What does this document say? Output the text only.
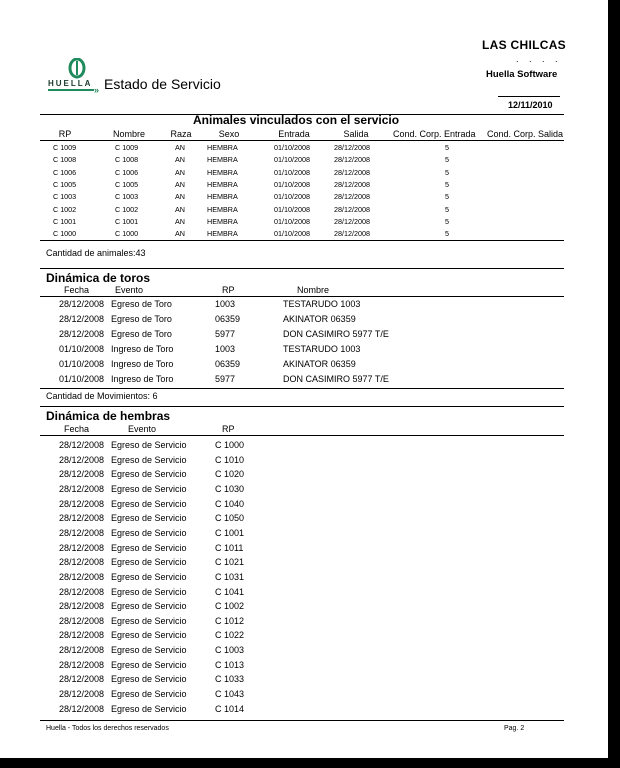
LAS CHILCAS
. . . .
Huella Software
12/11/2010
HUELLA
» Estado de Servicio
Animales vinculados con el servicio
RP	Nombre	Raza	Sexo	Entrada	Salida	Cond. Corp. Entrada Cond. Corp. Salida
C 1009	C 1009	AN	HEMBRA	01/10/2008	28/12/2008	5
C 1008	C 1008	AN	HEMBRA	01/10/2008	28/12/2008	5
C 1006	C 1006	AN	HEMBRA	01/10/2008	28/12/2008	5
C 1005	C 1005	AN	HEMBRA	01/10/2008	28/12/2008	5
C 1003	C 1003	AN	HEMBRA	01/10/2008	28/12/2008	5
C 1002	C 1002	AN	HEMBRA	01/10/2008	28/12/2008	5
C 1001	C 1001	AN	HEMBRA	01/10/2008	28/12/2008	5
C 1000	C 1000	AN	HEMBRA	01/10/2008	28/12/2008	5
Cantidad de animales:43
Dinámica de toros
Fecha	Evento	RP	Nombre
28/12/2008 Egreso de Toro	1003	TESTARUDO 1003
28/12/2008 Egreso de Toro	06359	AKINATOR 06359
28/12/2008 Egreso de Toro	5977	DON CASIMIRO 5977 T/E
01/10/2008 Ingreso de Toro	1003	TESTARUDO 1003
01/10/2008 Ingreso de Toro	06359	AKINATOR 06359
01/10/2008 Ingreso de Toro	5977	DON CASIMIRO 5977 T/E
Cantidad de Movimientos: 6
Dinámica de hembras
Fecha	Evento	RP
28/12/2008 Egreso de Servicio	C 1000
28/12/2008 Egreso de Servicio	C 1010
28/12/2008 Egreso de Servicio	C 1020
28/12/2008 Egreso de Servicio	C 1030
28/12/2008 Egreso de Servicio	C 1040
28/12/2008 Egreso de Servicio	C 1050
28/12/2008 Egreso de Servicio	C 1001
28/12/2008 Egreso de Servicio	C 1011
28/12/2008 Egreso de Servicio	C 1021
28/12/2008 Egreso de Servicio	C 1031
28/12/2008 Egreso de Servicio	C 1041
28/12/2008 Egreso de Servicio	C 1002
28/12/2008 Egreso de Servicio	C 1012
28/12/2008 Egreso de Servicio	C 1022
28/12/2008 Egreso de Servicio	C 1003
28/12/2008 Egreso de Servicio	C 1013
28/12/2008 Egreso de Servicio	C 1033
28/12/2008 Egreso de Servicio	C 1043
28/12/2008 Egreso de Servicio	C 1014
Huella - Todos los derechos reservados	Pag. 2
